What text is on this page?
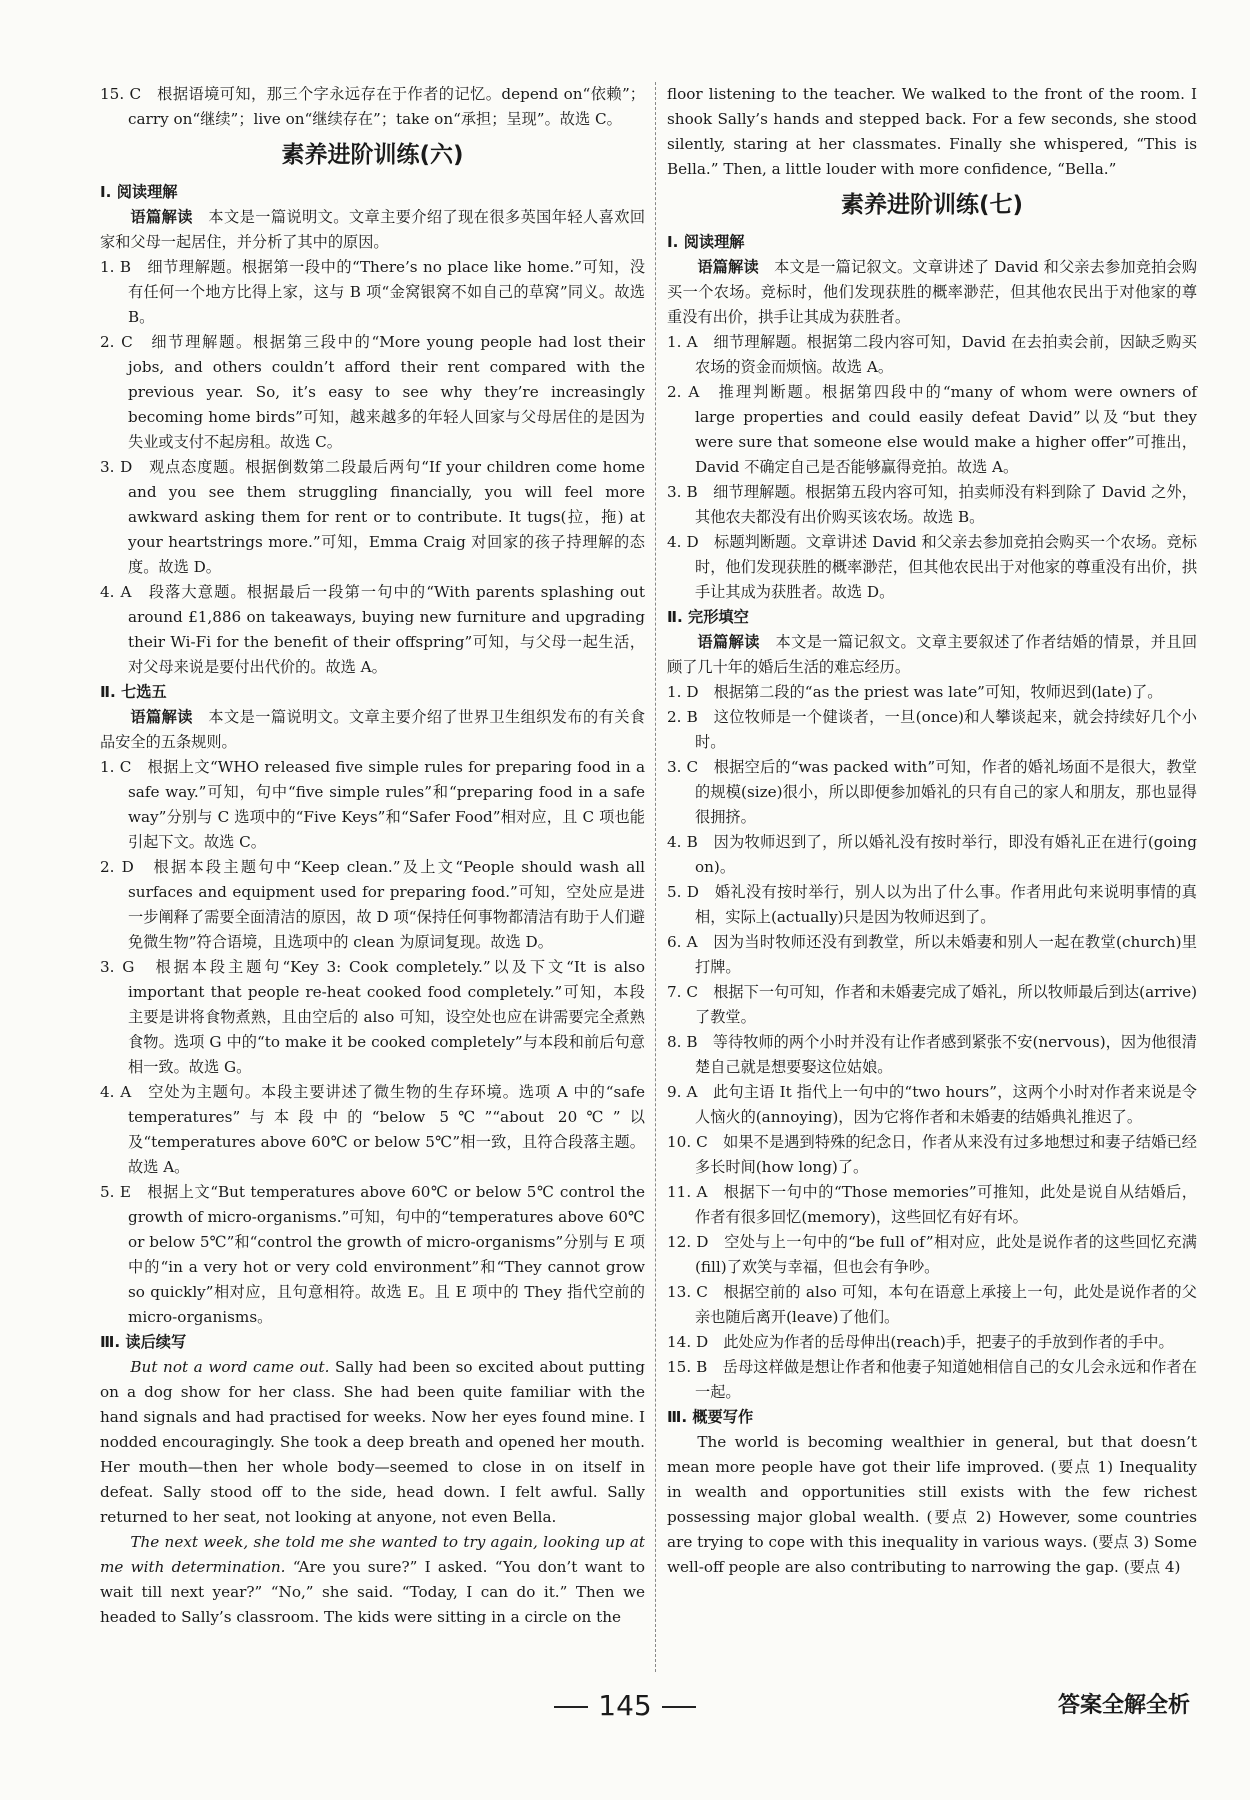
15. C　根据语境可知，那三个字永远存在于作者的记忆。depend on“依赖”；carry on“继续”；live on“继续存在”；take on“承担；呈现”。故选 C。

素养进阶训练(六)

Ⅰ. 阅读理解

语篇解读　本文是一篇说明文。文章主要介绍了现在很多英国年轻人喜欢回家和父母一起居住，并分析了其中的原因。

1. B　细节理解题。根据第一段中的“There’s no place like home.”可知，没有任何一个地方比得上家，这与 B 项“金窝银窝不如自己的草窝”同义。故选 B。

2. C　细节理解题。根据第三段中的“More young people had lost their jobs, and others couldn’t afford their rent compared with the previous year. So, it’s easy to see why they’re increasingly becoming home birds”可知，越来越多的年轻人回家与父母居住的是因为失业或支付不起房租。故选 C。

3. D　观点态度题。根据倒数第二段最后两句“If your children come home and you see them struggling financially, you will feel more awkward asking them for rent or to contribute. It tugs(拉，拖) at your heartstrings more.”可知，Emma Craig 对回家的孩子持理解的态度。故选 D。

4. A　段落大意题。根据最后一段第一句中的“With parents splashing out around £1,886 on takeaways, buying new furniture and upgrading their Wi-Fi for the benefit of their offspring”可知，与父母一起生活，对父母来说是要付出代价的。故选 A。

Ⅱ. 七选五

语篇解读　本文是一篇说明文。文章主要介绍了世界卫生组织发布的有关食品安全的五条规则。

1. C　根据上文“WHO released five simple rules for preparing food in a safe way.”可知，句中“five simple rules”和“preparing food in a safe way”分别与 C 选项中的“Five Keys”和“Safer Food”相对应，且 C 项也能引起下文。故选 C。

2. D　根据本段主题句中“Keep clean.”及上文“People should wash all surfaces and equipment used for preparing food.”可知，空处应是进一步阐释了需要全面清洁的原因，故 D 项“保持任何事物都清洁有助于人们避免微生物”符合语境，且选项中的 clean 为原词复现。故选 D。

3. G　根据本段主题句“Key 3: Cook completely.”以及下文“It is also important that people re-heat cooked food completely.”可知，本段主要是讲将食物煮熟，且由空后的 also 可知，设空处也应在讲需要完全煮熟食物。选项 G 中的“to make it be cooked completely”与本段和前后句意相一致。故选 G。

4. A　空处为主题句。本段主要讲述了微生物的生存环境。选项 A 中的“safe temperatures”与本段中的“below 5℃”“about 20℃”以及“temperatures above 60℃ or below 5℃”相一致，且符合段落主题。故选 A。

5. E　根据上文“But temperatures above 60℃ or below 5℃ control the growth of micro-organisms.”可知，句中的“temperatures above 60℃ or below 5℃”和“control the growth of micro-organisms”分别与 E 项中的“in a very hot or very cold environment”和“They cannot grow so quickly”相对应，且句意相符。故选 E。且 E 项中的 They 指代空前的 micro-organisms。

Ⅲ. 读后续写

But not a word came out. Sally had been so excited about putting on a dog show for her class. She had been quite familiar with the hand signals and had practised for weeks. Now her eyes found mine. I nodded encouragingly. She took a deep breath and opened her mouth. Her mouth—then her whole body—seemed to close in on itself in defeat. Sally stood off to the side, head down. I felt awful. Sally returned to her seat, not looking at anyone, not even Bella.

The next week, she told me she wanted to try again, looking up at me with determination. “Are you sure?” I asked. “You don’t want to wait till next year?” “No,” she said. “Today, I can do it.” Then we headed to Sally’s classroom. The kids were sitting in a circle on the

floor listening to the teacher. We walked to the front of the room. I shook Sally’s hands and stepped back. For a few seconds, she stood silently, staring at her classmates. Finally she whispered, “This is Bella.” Then, a little louder with more confidence, “Bella.”

素养进阶训练(七)

Ⅰ. 阅读理解

语篇解读　本文是一篇记叙文。文章讲述了 David 和父亲去参加竞拍会购买一个农场。竞标时，他们发现获胜的概率渺茫，但其他农民出于对他家的尊重没有出价，拱手让其成为获胜者。

1. A　细节理解题。根据第二段内容可知，David 在去拍卖会前，因缺乏购买农场的资金而烦恼。故选 A。

2. A　推理判断题。根据第四段中的“many of whom were owners of large properties and could easily defeat David”以及“but they were sure that someone else would make a higher offer”可推出，David 不确定自己是否能够赢得竞拍。故选 A。

3. B　细节理解题。根据第五段内容可知，拍卖师没有料到除了 David 之外，其他农夫都没有出价购买该农场。故选 B。

4. D　标题判断题。文章讲述 David 和父亲去参加竞拍会购买一个农场。竞标时，他们发现获胜的概率渺茫，但其他农民出于对他家的尊重没有出价，拱手让其成为获胜者。故选 D。

Ⅱ. 完形填空

语篇解读　本文是一篇记叙文。文章主要叙述了作者结婚的情景，并且回顾了几十年的婚后生活的难忘经历。

1. D　根据第二段的“as the priest was late”可知，牧师迟到(late)了。

2. B　这位牧师是一个健谈者，一旦(once)和人攀谈起来，就会持续好几个小时。

3. C　根据空后的“was packed with”可知，作者的婚礼场面不是很大，教堂的规模(size)很小，所以即便参加婚礼的只有自己的家人和朋友，那也显得很拥挤。

4. B　因为牧师迟到了，所以婚礼没有按时举行，即没有婚礼正在进行(going on)。

5. D　婚礼没有按时举行，别人以为出了什么事。作者用此句来说明事情的真相，实际上(actually)只是因为牧师迟到了。

6. A　因为当时牧师还没有到教堂，所以未婚妻和别人一起在教堂(church)里打牌。

7. C　根据下一句可知，作者和未婚妻完成了婚礼，所以牧师最后到达(arrive)了教堂。

8. B　等待牧师的两个小时并没有让作者感到紧张不安(nervous)，因为他很清楚自己就是想要娶这位姑娘。

9. A　此句主语 It 指代上一句中的“two hours”，这两个小时对作者来说是令人恼火的(annoying)，因为它将作者和未婚妻的结婚典礼推迟了。

10. C　如果不是遇到特殊的纪念日，作者从来没有过多地想过和妻子结婚已经多长时间(how long)了。

11. A　根据下一句中的“Those memories”可推知，此处是说自从结婚后，作者有很多回忆(memory)，这些回忆有好有坏。

12. D　空处与上一句中的“be full of”相对应，此处是说作者的这些回忆充满(fill)了欢笑与幸福，但也会有争吵。

13. C　根据空前的 also 可知，本句在语意上承接上一句，此处是说作者的父亲也随后离开(leave)了他们。

14. D　此处应为作者的岳母伸出(reach)手，把妻子的手放到作者的手中。

15. B　岳母这样做是想让作者和他妻子知道她相信自己的女儿会永远和作者在一起。

Ⅲ. 概要写作

The world is becoming wealthier in general, but that doesn’t mean more people have got their life improved. (要点 1) Inequality in wealth and opportunities still exists with the few richest possessing major global wealth. (要点 2) However, some countries are trying to cope with this inequality in various ways. (要点 3) Some well-off people are also contributing to narrowing the gap. (要点 4)

145	答案全解全析
